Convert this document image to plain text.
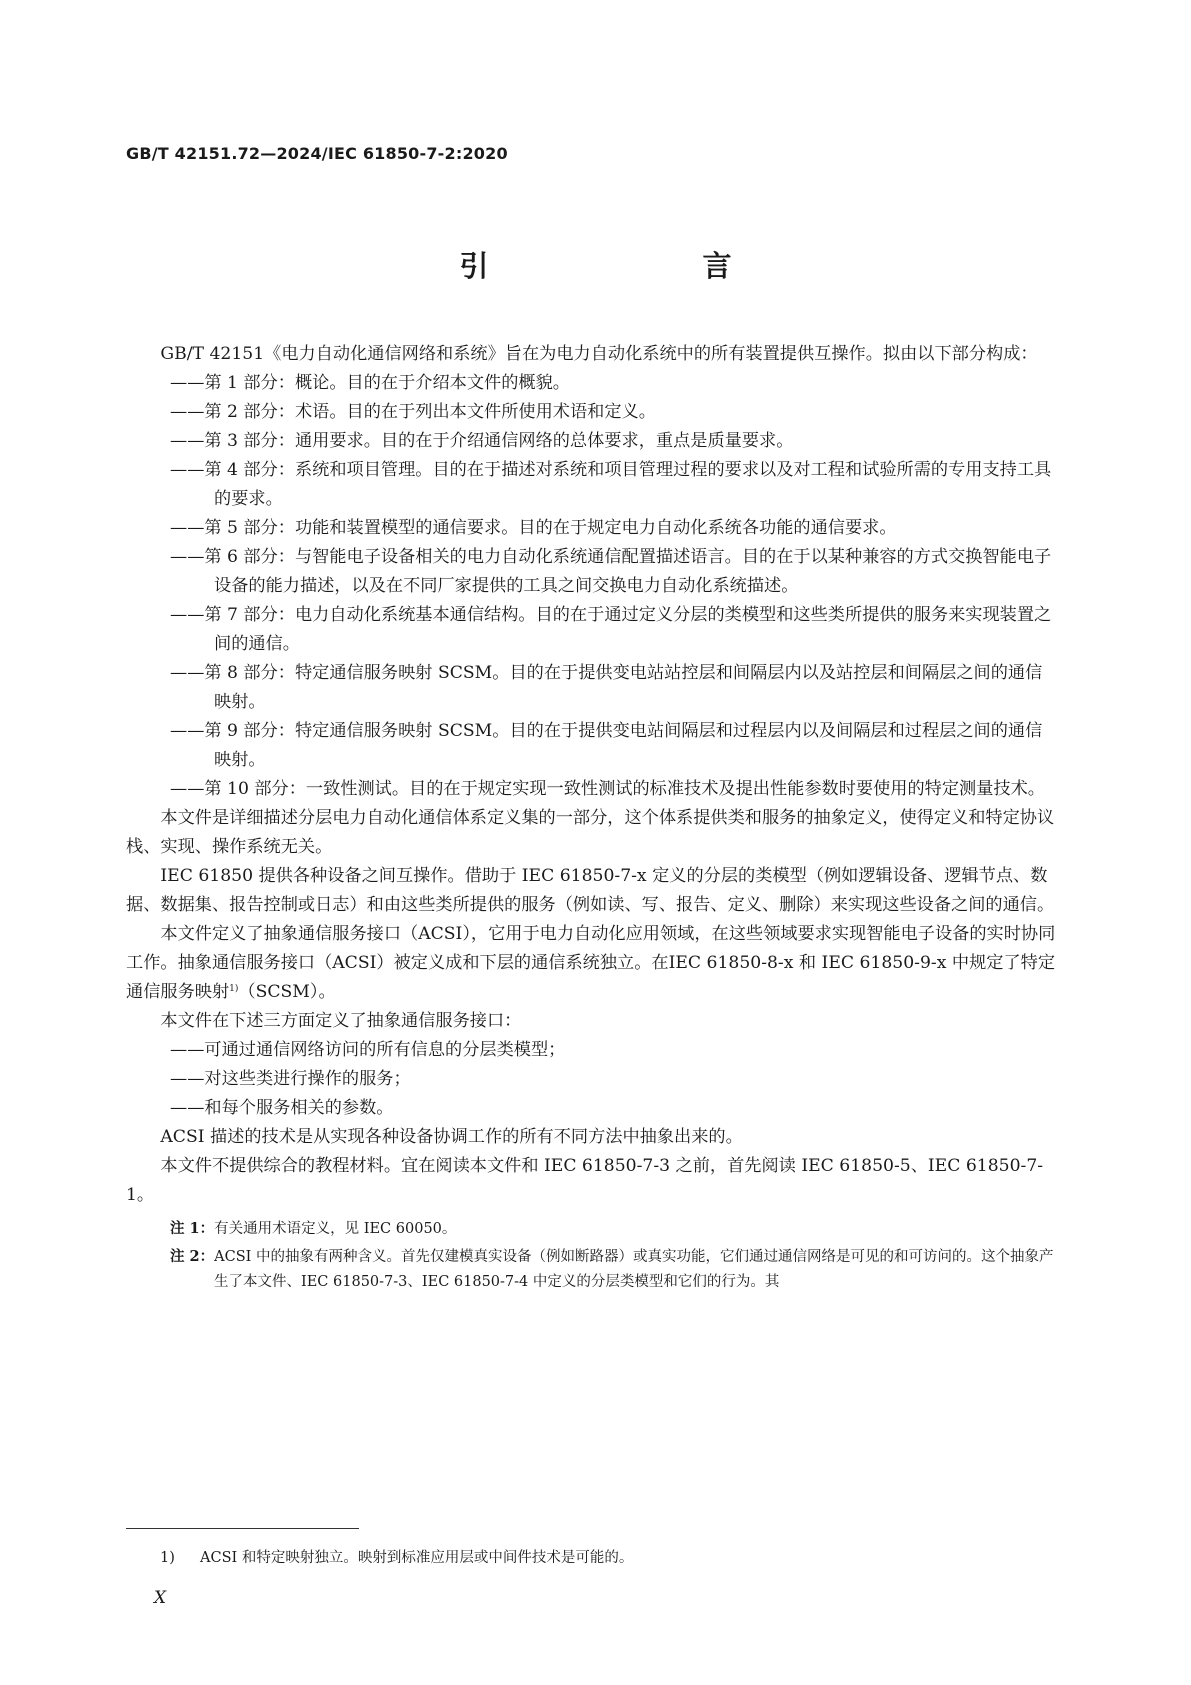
GB/T 42151.72—2024/IEC 61850-7-2:2020
引　　言

GB/T 42151《电力自动化通信网络和系统》旨在为电力自动化系统中的所有装置提供互操作。拟由以下部分构成：

——第 1 部分：概论。目的在于介绍本文件的概貌。

——第 2 部分：术语。目的在于列出本文件所使用术语和定义。

——第 3 部分：通用要求。目的在于介绍通信网络的总体要求，重点是质量要求。

——第 4 部分：系统和项目管理。目的在于描述对系统和项目管理过程的要求以及对工程和试验所需的专用支持工具的要求。

——第 5 部分：功能和装置模型的通信要求。目的在于规定电力自动化系统各功能的通信要求。

——第 6 部分：与智能电子设备相关的电力自动化系统通信配置描述语言。目的在于以某种兼容的方式交换智能电子设备的能力描述，以及在不同厂家提供的工具之间交换电力自动化系统描述。

——第 7 部分：电力自动化系统基本通信结构。目的在于通过定义分层的类模型和这些类所提供的服务来实现装置之间的通信。

——第 8 部分：特定通信服务映射 SCSM。目的在于提供变电站站控层和间隔层内以及站控层和间隔层之间的通信映射。

——第 9 部分：特定通信服务映射 SCSM。目的在于提供变电站间隔层和过程层内以及间隔层和过程层之间的通信映射。

——第 10 部分：一致性测试。目的在于规定实现一致性测试的标准技术及提出性能参数时要使用的特定测量技术。

本文件是详细描述分层电力自动化通信体系定义集的一部分，这个体系提供类和服务的抽象定义，使得定义和特定协议栈、实现、操作系统无关。

IEC 61850 提供各种设备之间互操作。借助于 IEC 61850-7-x 定义的分层的类模型（例如逻辑设备、逻辑节点、数据、数据集、报告控制或日志）和由这些类所提供的服务（例如读、写、报告、定义、删除）来实现这些设备之间的通信。

本文件定义了抽象通信服务接口（ACSI），它用于电力自动化应用领域，在这些领域要求实现智能电子设备的实时协同工作。抽象通信服务接口（ACSI）被定义成和下层的通信系统独立。在IEC 61850-8-x 和 IEC 61850-9-x 中规定了特定通信服务映射$^{1)}$（SCSM）。

本文件在下述三方面定义了抽象通信服务接口：

——可通过通信网络访问的所有信息的分层类模型；

——对这些类进行操作的服务；

——和每个服务相关的参数。

ACSI 描述的技术是从实现各种设备协调工作的所有不同方法中抽象出来的。

本文件不提供综合的教程材料。宜在阅读本文件和 IEC 61850-7-3 之前，首先阅读 IEC 61850-5、IEC 61850-7-1。

注 1：有关通用术语定义，见 IEC 60050。

注 2：ACSI 中的抽象有两种含义。首先仅建模真实设备（例如断路器）或真实功能，它们通过通信网络是可见的和可访问的。这个抽象产生了本文件、IEC 61850-7-3、IEC 61850-7-4 中定义的分层类模型和它们的行为。其

1) ACSI 和特定映射独立。映射到标准应用层或中间件技术是可能的。
X
